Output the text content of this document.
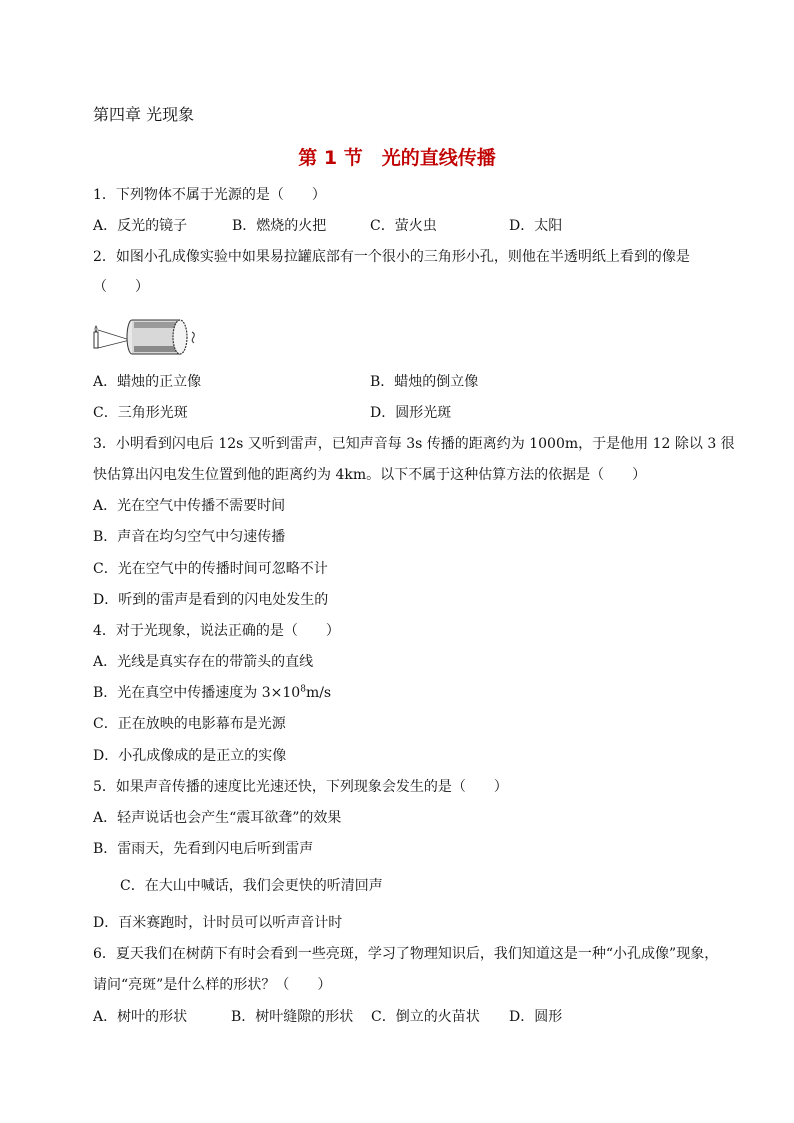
第四章 光现象
第 1 节　光的直线传播
1．下列物体不属于光源的是（　　）
A．反光的镜子	B．燃烧的火把	C．萤火虫	D．太阳
2．如图小孔成像实验中如果易拉罐底部有一个很小的三角形小孔，则他在半透明纸上看到的像是
（　　）
A．蜡烛的正立像	B．蜡烛的倒立像
C．三角形光斑	D．圆形光斑
3．小明看到闪电后 12s 又听到雷声，已知声音每 3s 传播的距离约为 1000m，于是他用 12 除以 3 很
快估算出闪电发生位置到他的距离约为 4km。以下不属于这种估算方法的依据是（　　）
A．光在空气中传播不需要时间
B．声音在均匀空气中匀速传播
C．光在空气中的传播时间可忽略不计
D．听到的雷声是看到的闪电处发生的
4．对于光现象，说法正确的是（　　）
A．光线是真实存在的带箭头的直线
B．光在真空中传播速度为 $3\times 10^8m/s$
C．正在放映的电影幕布是光源
D．小孔成像成的是正立的实像
5．如果声音传播的速度比光速还快，下列现象会发生的是（　　）
A．轻声说话也会产生“震耳欲聋”的效果
B．雷雨天，先看到闪电后听到雷声
C．在大山中喊话，我们会更快的听清回声
D．百米赛跑时，计时员可以听声音计时
6．夏天我们在树荫下有时会看到一些亮斑，学习了物理知识后，我们知道这是一种“小孔成像”现象，
请问“亮斑”是什么样的形状？（　　）
A．树叶的形状	B．树叶缝隙的形状 C．倒立的火苗状 D．圆形
